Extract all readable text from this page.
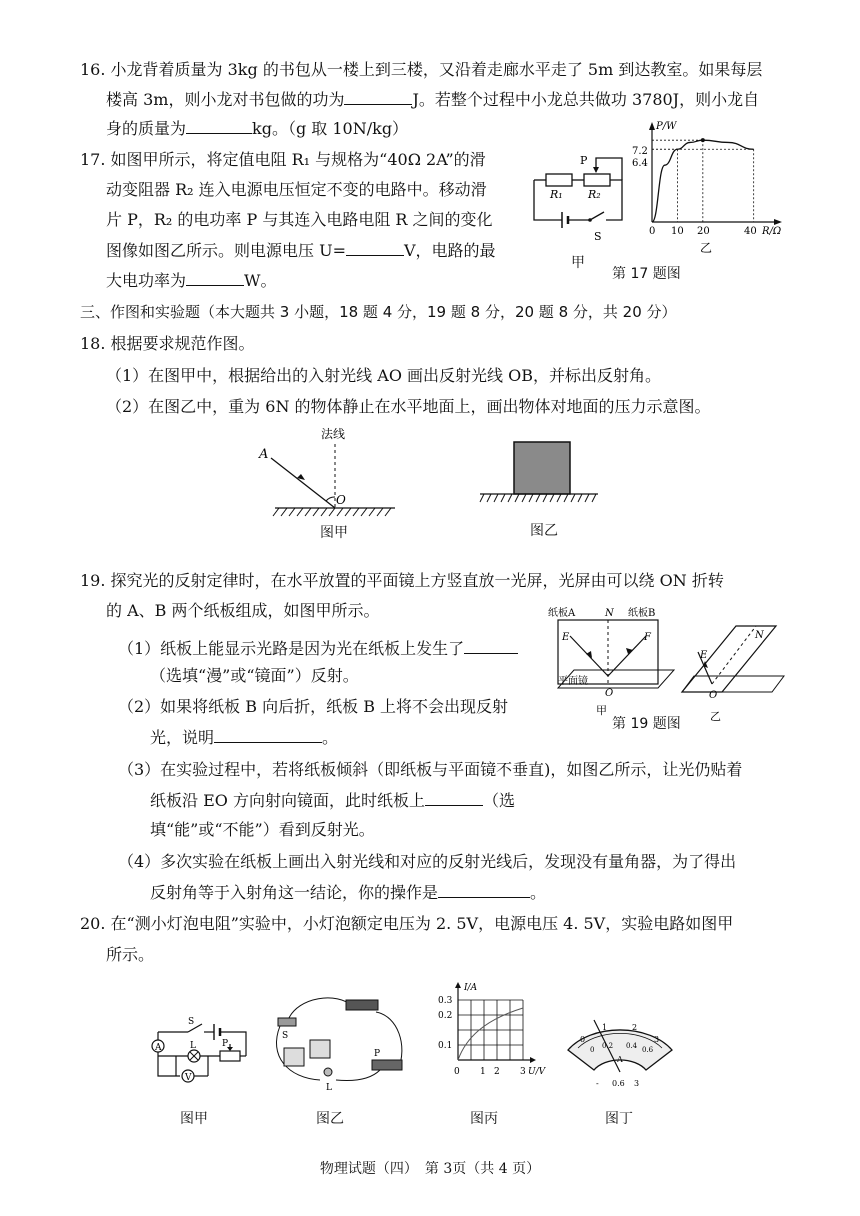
16. 小龙背着质量为 3kg 的书包从一楼上到三楼，又沿着走廊水平走了 5m 到达教室。如果每层
楼高 3m，则小龙对书包做的功为	J。若整个过程中小龙总共做功 3780J，则小龙自
身的质量为	kg。（g 取 10N/kg）
17. 如图甲所示，将定值电阻 R₁ 与规格为“40Ω 2A”的滑
动变阻器 R₂ 连入电源电压恒定不变的电路中。移动滑
片 P，R₂ 的电功率 P 与其连入电路电阻 R 之间的变化
图像如图乙所示。则电源电压 U=	V，电路的最
大电功率为	W。
R₁ R₂
P
S
甲
P/W
7.2
6.4
0 10 20	40 R/Ω
乙
第 17 题图
三、作图和实验题（本大题共 3 小题，18 题 4 分，19 题 8 分，20 题 8 分，共 20 分）
18. 根据要求规范作图。
（1）在图甲中，根据给出的入射光线 AO 画出反射光线 OB，并标出反射角。
（2）在图乙中，重为 6N 的物体静止在水平地面上，画出物体对地面的压力示意图。
法线
A
O
图甲	图乙
19. 探究光的反射定律时，在水平放置的平面镜上方竖直放一光屏，光屏由可以绕 ON 折转
的 A、B 两个纸板组成，如图甲所示。
（1）纸板上能显示光路是因为光在纸板上发生了
（选填“漫”或“镜面”）反射。
（2）如果将纸板 B 向后折，纸板 B 上将不会出现反射
光，说明	。
（3）在实验过程中，若将纸板倾斜（即纸板与平面镜不垂直)，如图乙所示，让光仍贴着
纸板沿 EO 方向射向镜面，此时纸板上	（选
填“能”或“不能”）看到反射光。
（4）多次实验在纸板上画出入射光线和对应的反射光线后，发现没有量角器，为了得出
反射角等于入射角这一结论，你的操作是	。
纸板A	N 纸板B
E	F
O
平面镜
甲
N
E
O
乙
第 19 题图
20. 在“测小灯泡电阻”实验中，小灯泡额定电压为 2. 5V，电源电压 4. 5V，实验电路如图甲
所示。
A
V
S
L	P
图甲
S
P
L
图乙
I/A
0.3
0.2
0.1
0 1 2 3 U/V
图丙
0
1	2
3
0 0.2 0.4 0.6
A
- 0.6 3
图丁
物理试题（四）　第 3页（共 4 页）
